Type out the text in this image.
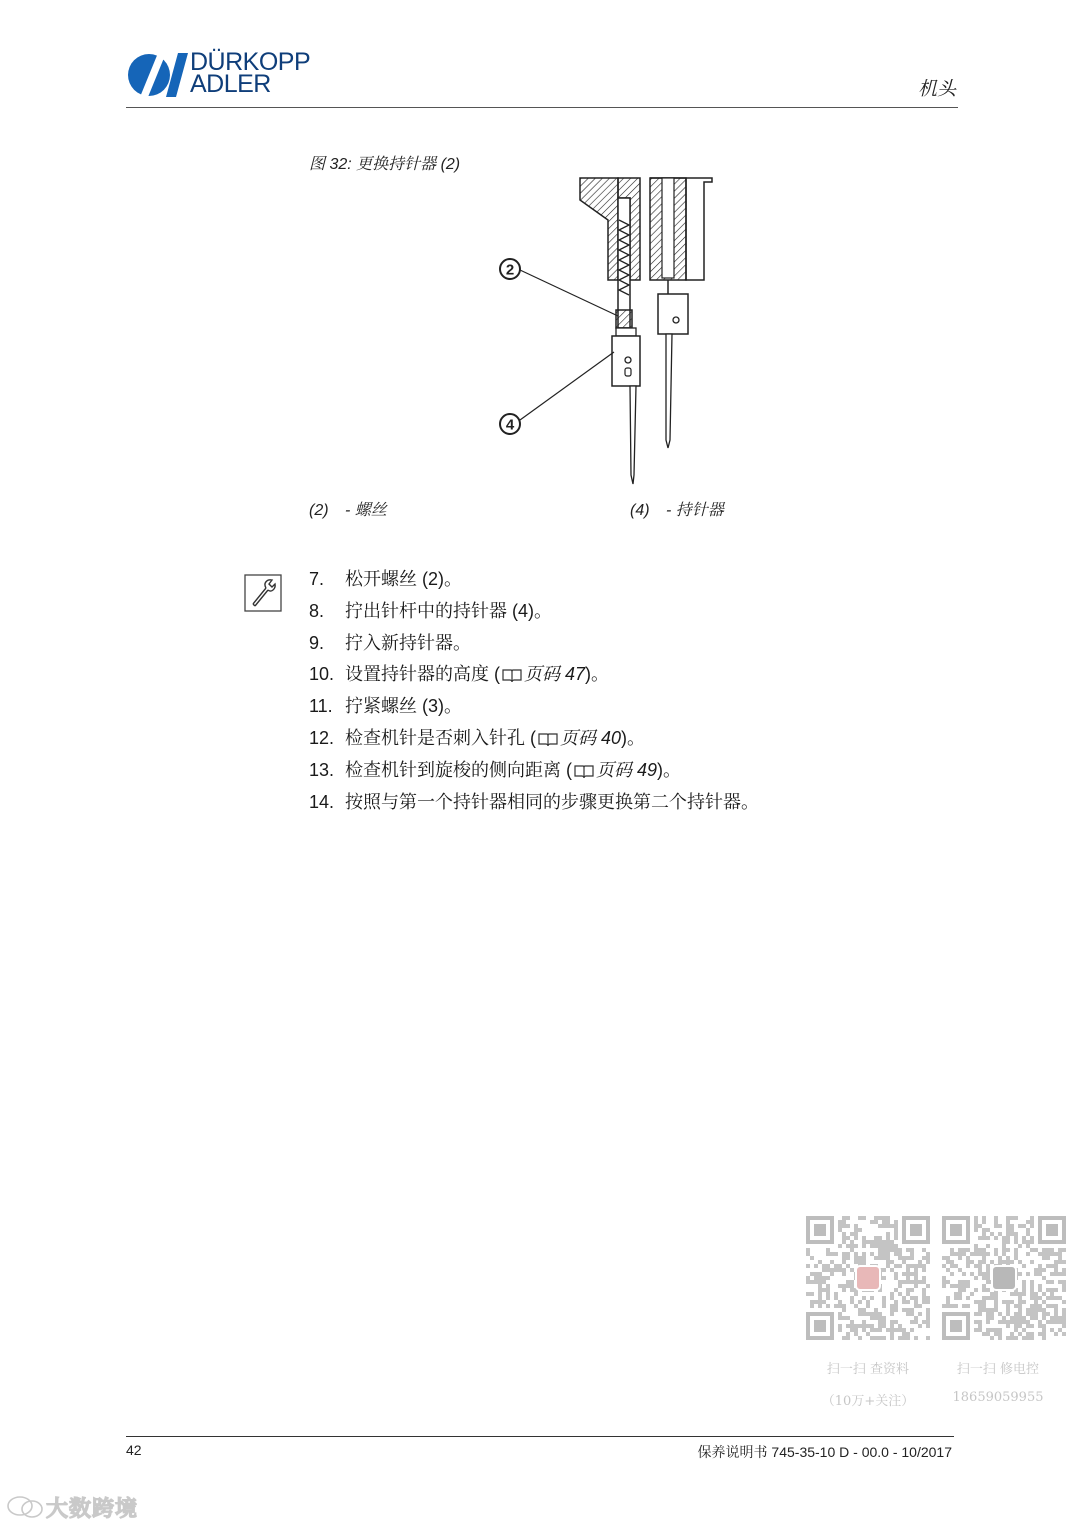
DÜRKOPP
ADLER	机头
图 32: 更换持针器 (2)
2
4
(2) - 螺丝	(4) - 持针器
7. 松开螺丝 (2)。
8. 拧出针杆中的持针器 (4)。
9. 拧入新持针器。
10. 设置持针器的高度 ( 页码 47)。
11. 拧紧螺丝 (3)。
12. 检查机针是否刺入针孔 ( 页码 40)。
13. 检查机针到旋梭的侧向距离 ( 页码 49)。
14. 按照与第一个持针器相同的步骤更换第二个持针器。
扫一扫 查资料
（10万+关注）
扫一扫 修电控
18659059955
42	保养说明书 745-35-10 D - 00.0 - 10/2017
大数跨境
